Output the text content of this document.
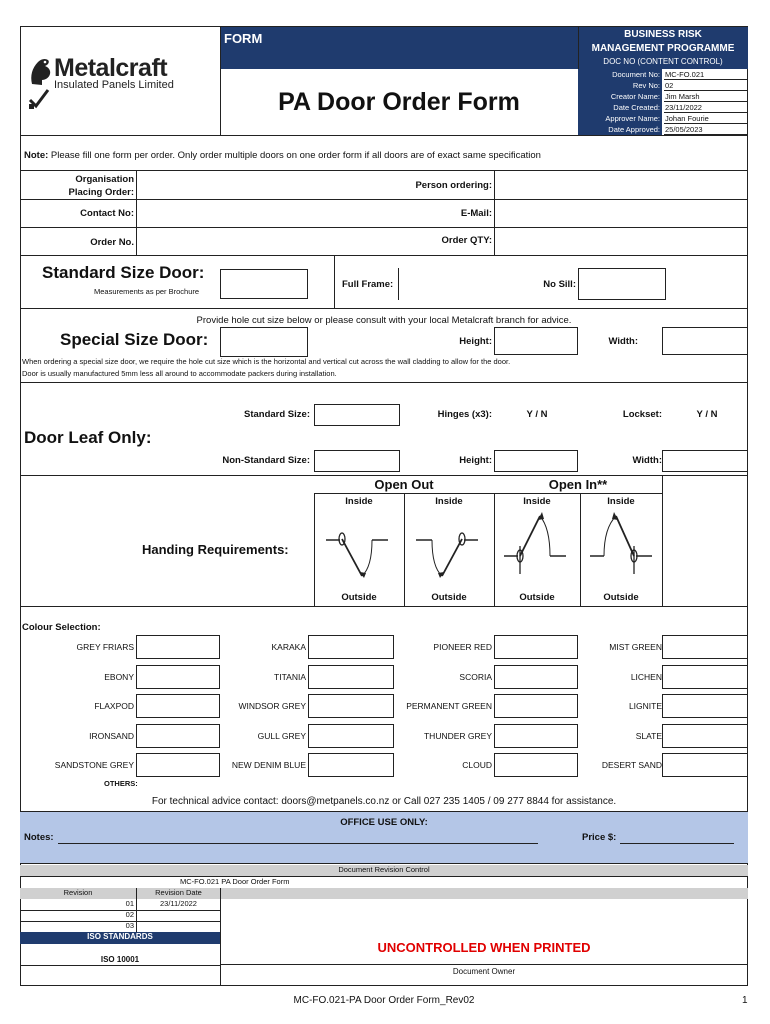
Metalcraft
Insulated Panels Limited
FORM
PA Door Order Form
BUSINESS RISK
MANAGEMENT PROGRAMME
DOC NO (CONTENT CONTROL)
Document No: MC-FO.021
Rev No: 02
Creator Name: Jim Marsh
Date Created: 23/11/2022
Approver Name: Johan Fourie
Date Approved: 25/05/2023
Note: Please fill one form per order. Only order multiple doors on one order form if all doors are of exact same specification
Organisation
Placing Order:
Person ordering:
Contact No:	E-Mail:
Order No.	Order QTY:
Standard Size Door:
Measurements as per Brochure
Full Frame:	No Sill:
Provide hole cut size below or please consult with your local Metalcraft branch for advice.
Special Size Door:	Height:	Width:
When ordering a special size door, we require the hole cut size which is the horizontal and vertical cut across the wall cladding to allow for the door.
Door is usually manufactured 5mm less all around to accommodate packers during installation.
Door Leaf Only:
Standard Size:	Hinges (x3):	Y / N	Lockset:	Y / N
Non-Standard Size:	Height:	Width:
Open Out	Open In**
Handing Requirements:
Inside	Inside	Inside	Inside
Outside	Outside	Outside	Outside
Colour Selection:
GREY FRIARS	KARAKA	PIONEER RED	MIST GREEN
EBONY	TITANIA	SCORIA	LICHEN
FLAXPOD	WINDSOR GREY	PERMANENT GREEN	LIGNITE
IRONSAND	GULL GREY	THUNDER GREY	SLATE
SANDSTONE GREY	NEW DENIM BLUE	CLOUD	DESERT SAND
OTHERS:
For technical advice contact: doors@metpanels.co.nz or Call 027 235 1405 / 09 277 8844 for assistance.
OFFICE USE ONLY:
Notes:	Price $:
Document Revision Control
MC-FO.021 PA Door Order Form
Revision	Revision Date
01	23/11/2022
02
03
ISO STANDARDS
ISO 10001
UNCONTROLLED WHEN PRINTED
Document Owner
MC-FO.021-PA Door Order Form_Rev02	1
